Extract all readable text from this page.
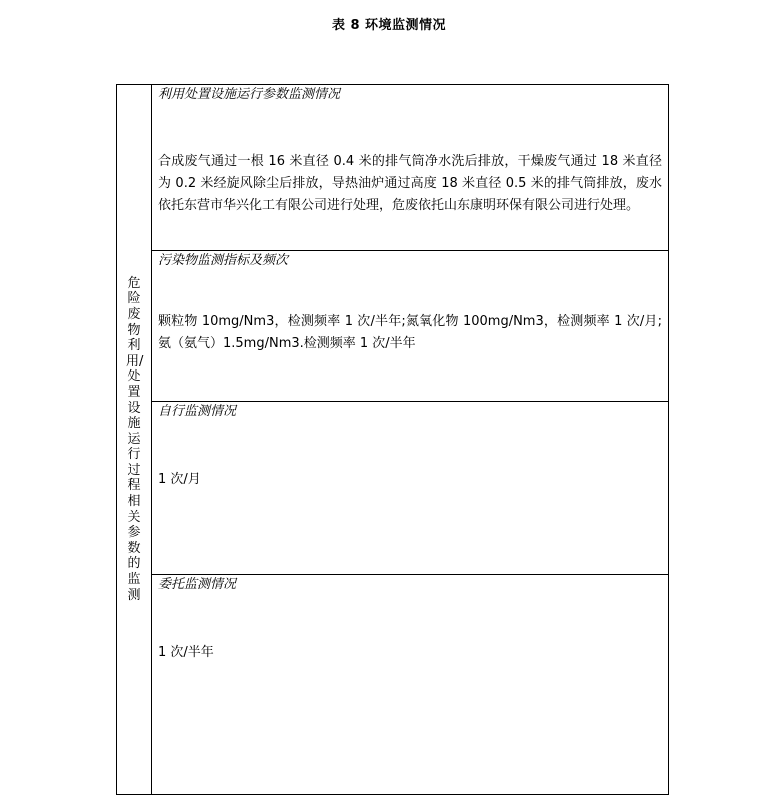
表 8 环境监测情况
危险废物利用/处置设施运行过程相关参数的监测
利用处置设施运行参数监测情况
合成废气通过一根 16 米直径 0.4 米的排气筒净水洗后排放，干燥废气通过 18 米直径为 0.2 米经旋风除尘后排放，导热油炉通过高度 18 米直径 0.5 米的排气筒排放，废水依托东营市华兴化工有限公司进行处理，危废依托山东康明环保有限公司进行处理。
污染物监测指标及频次
颗粒物 10mg/Nm3，检测频率 1 次/半年;氮氧化物 100mg/Nm3，检测频率 1 次/月;氨（氨气）1.5mg/Nm3.检测频率 1 次/半年
自行监测情况
1 次/月
委托监测情况
1 次/半年
